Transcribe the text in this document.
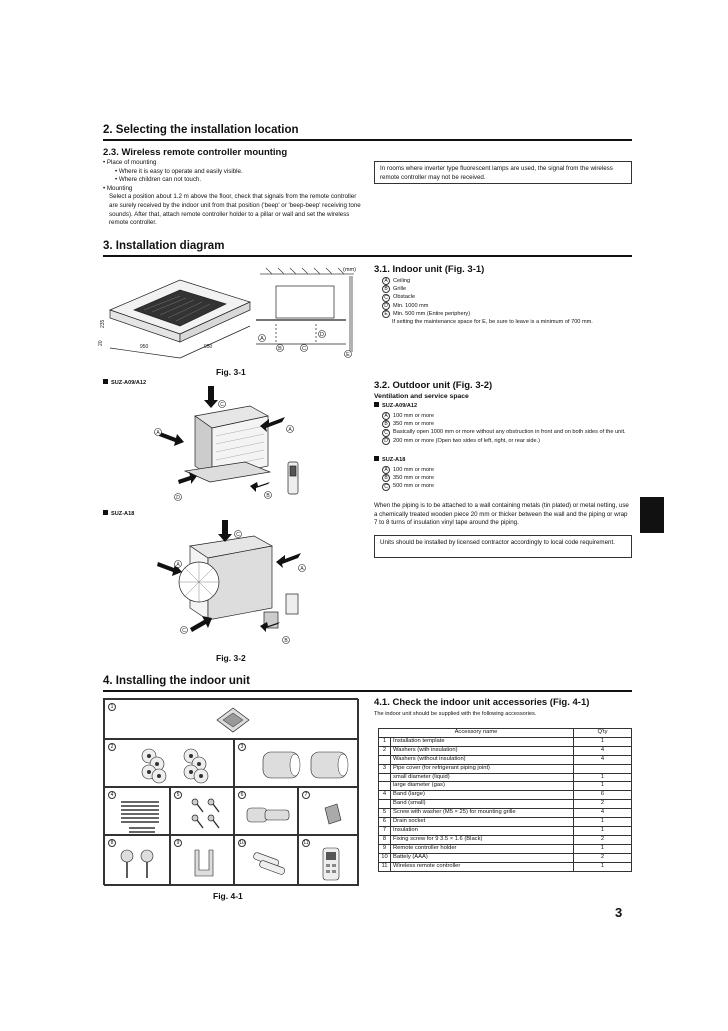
2. Selecting the installation location
2.3. Wireless remote controller mounting
• Place of mounting
• Where it is easy to operate and easily visible.
• Where children can not touch.
• Mounting
Select a position about 1.2 m above the floor, check that signals from the remote controller are surely received by the indoor unit from that position ('beep' or 'beep-beep' receiving tone sounds). After that, attach remote controller holder to a pillar or wall and set the wireless remote controller.
In rooms where inverter type fluorescent lamps are used, the signal from the wireless remote controller may not be received.
3. Installation diagram
20
235
950	950
A
B	C
D
E
(mm)
Fig. 3-1
3.1. Indoor unit (Fig. 3-1)
A Ceiling
B Grille
C Obstacle
D Min. 1000 mm
E Min. 500 mm (Entire periphery)
If setting the maintenance space for E, be sure to leave is a minimum of 700 mm.
SUZ-A09/A12
C
A	A
D	B
SUZ-A18
C
A
A
C
B
Fig. 3-2
3.2. Outdoor unit (Fig. 3-2)
Ventilation and service space
SUZ-A09/A12
A 100 mm or more
B 350 mm or more
C Basically open 1000 mm or more without any obstruction in front and on both sides of the unit.
D 200 mm or more (Open two sides of left, right, or rear side.)
SUZ-A18
A 100 mm or more
B 350 mm or more
C 500 mm or more
When the piping is to be attached to a wall containing metals (tin plated) or metal netting, use a chemically treated wooden piece 20 mm or thicker between the wall and the piping or wrap 7 to 8 turns of insulation vinyl tape around the piping.
Units should be installed by licensed contractor accordingly to local code requirement.
4. Installing the indoor unit
1
2	3
4	5	6	7
8	9	10	11
Fig. 4-1
4.1. Check the indoor unit accessories (Fig. 4-1)
The indoor unit should be supplied with the following accessories.
Accessory name		Q'ty
1	Installation template	1
2	Washers (with insulation)	4
	Washers (without insulation)	4
3	Pipe cover (for refrigerant piping joint)	
	small diameter (liquid)	1
	large diameter (gas)	1
4	Band (large)	6
	Band (small)	2
5	Screw with washer (M5 × 25) for mounting grille	4
6	Drain socket	1
7	Insulation	1
8	Fixing screw for 9 3.5 × 1.6 (Black)	2
9	Remote controller holder	1
10	Battely (AAA)	2
11	Wireless remote controller	1
3
